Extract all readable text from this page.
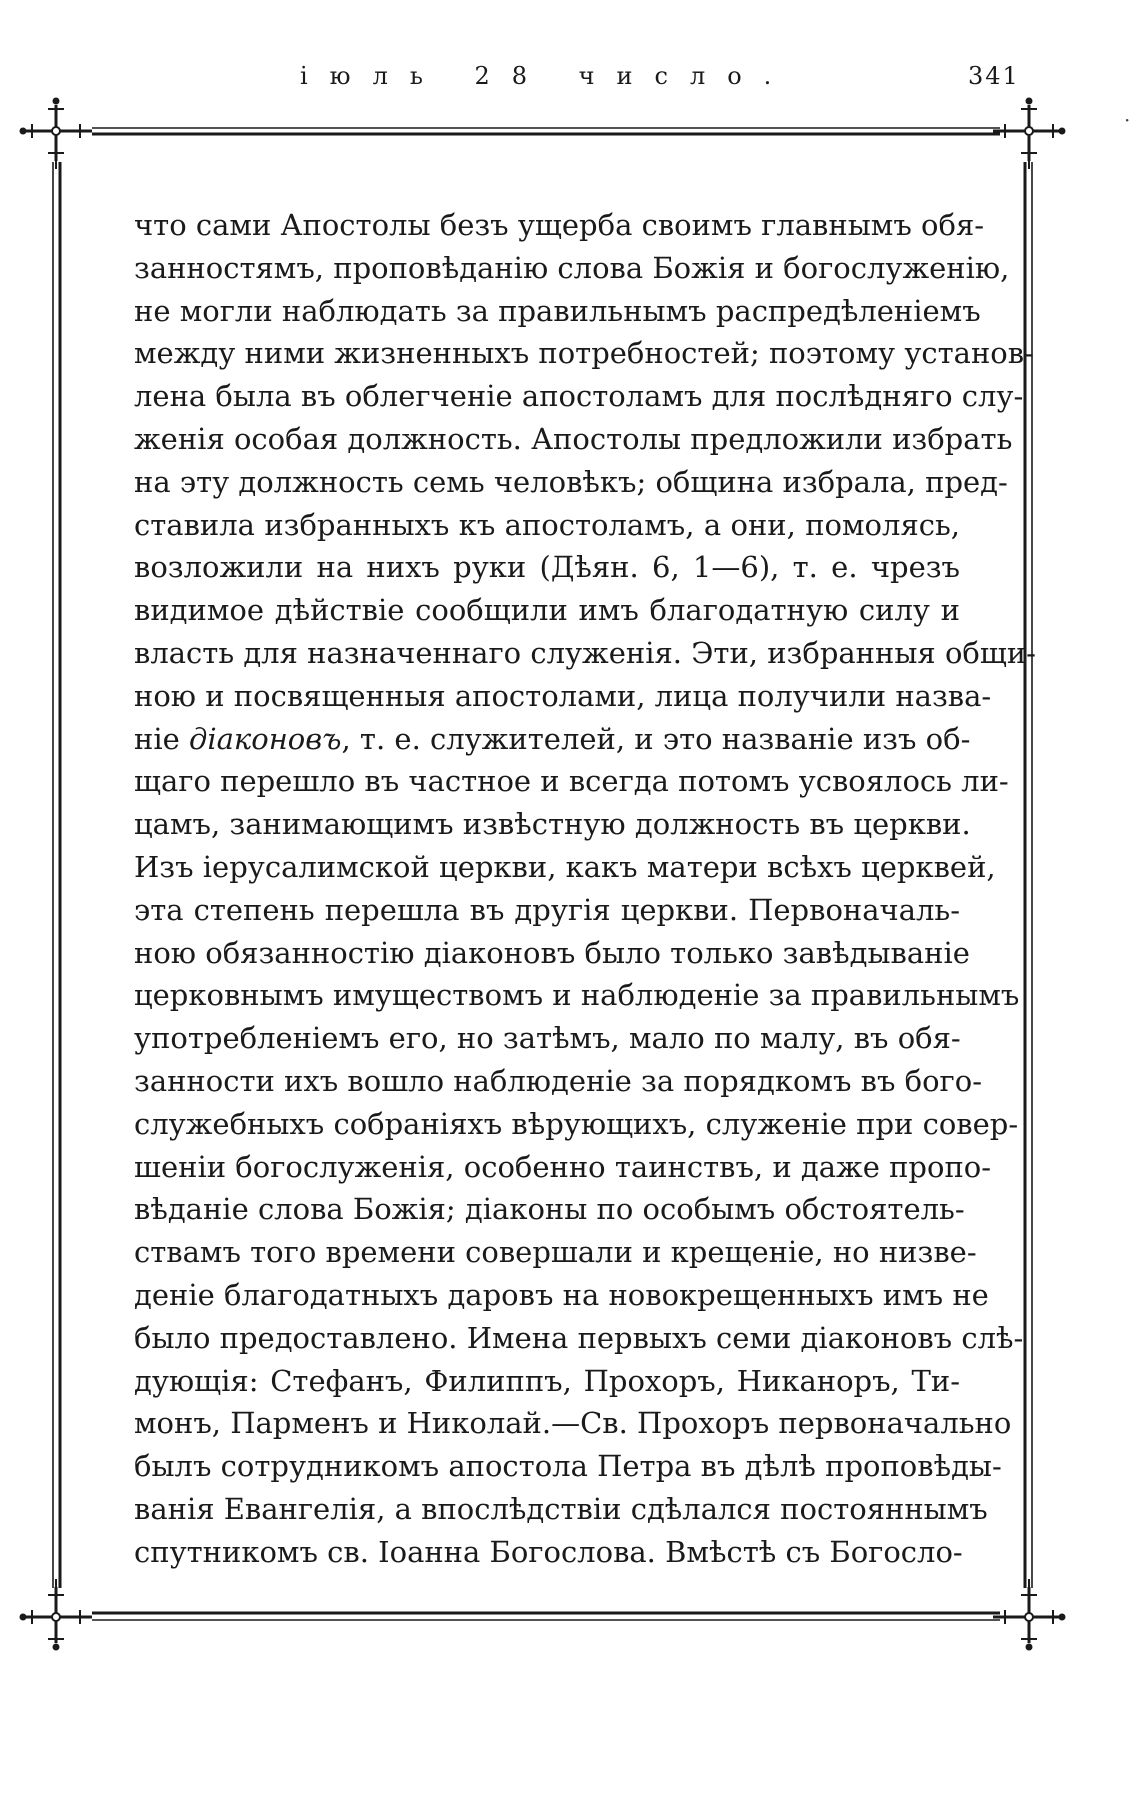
іюль 28 число.	341
·
что сами Апостолы безъ ущерба своимъ главнымъ обя-
занностямъ, проповѣданію слова Божія и богослуженію,
не могли наблюдать за правильнымъ распредѣленіемъ
между ними жизненныхъ потребностей; поэтому установ-
лена была въ облегченіе апостоламъ для послѣдняго слу-
женія особая должность. Апостолы предложили избрать
на эту должность семь человѣкъ; община избрала, пред-
ставила избранныхъ къ апостоламъ, а они, помолясь,
возложили на нихъ руки (Дѣян. 6, 1—6), т. е. чрезъ
видимое дѣйствіе сообщили имъ благодатную силу и
власть для назначеннаго служенія. Эти, избранныя общи-
ною и посвященныя апостолами, лица получили назва-
ніе діаконовъ, т. е. служителей, и это названіе изъ об-
щаго перешло въ частное и всегда потомъ усвоялось ли-
цамъ, занимающимъ извѣстную должность въ церкви.
Изъ іерусалимской церкви, какъ матери всѣхъ церквей,
эта степень перешла въ другія церкви. Первоначаль-
ною обязанностію діаконовъ было только завѣдываніе
церковнымъ имуществомъ и наблюденіе за правильнымъ
употребленіемъ его, но затѣмъ, мало по малу, въ обя-
занности ихъ вошло наблюденіе за порядкомъ въ бого-
служебныхъ собраніяхъ вѣрующихъ, служеніе при совер-
шеніи богослуженія, особенно таинствъ, и даже пропо-
вѣданіе слова Божія; діаконы по особымъ обстоятель-
ствамъ того времени совершали и крещеніе, но низве-
деніе благодатныхъ даровъ на новокрещенныхъ имъ не
было предоставлено. Имена первыхъ семи діаконовъ слѣ-
дующія: Стефанъ, Филиппъ, Прохоръ, Никаноръ, Ти-
монъ, Парменъ и Николай.—Св. Прохоръ первоначально
былъ сотрудникомъ апостола Петра въ дѣлѣ проповѣды-
ванія Евангелія, а впослѣдствіи сдѣлался постояннымъ
спутникомъ св. Іоанна Богослова. Вмѣстѣ съ Богосло-
